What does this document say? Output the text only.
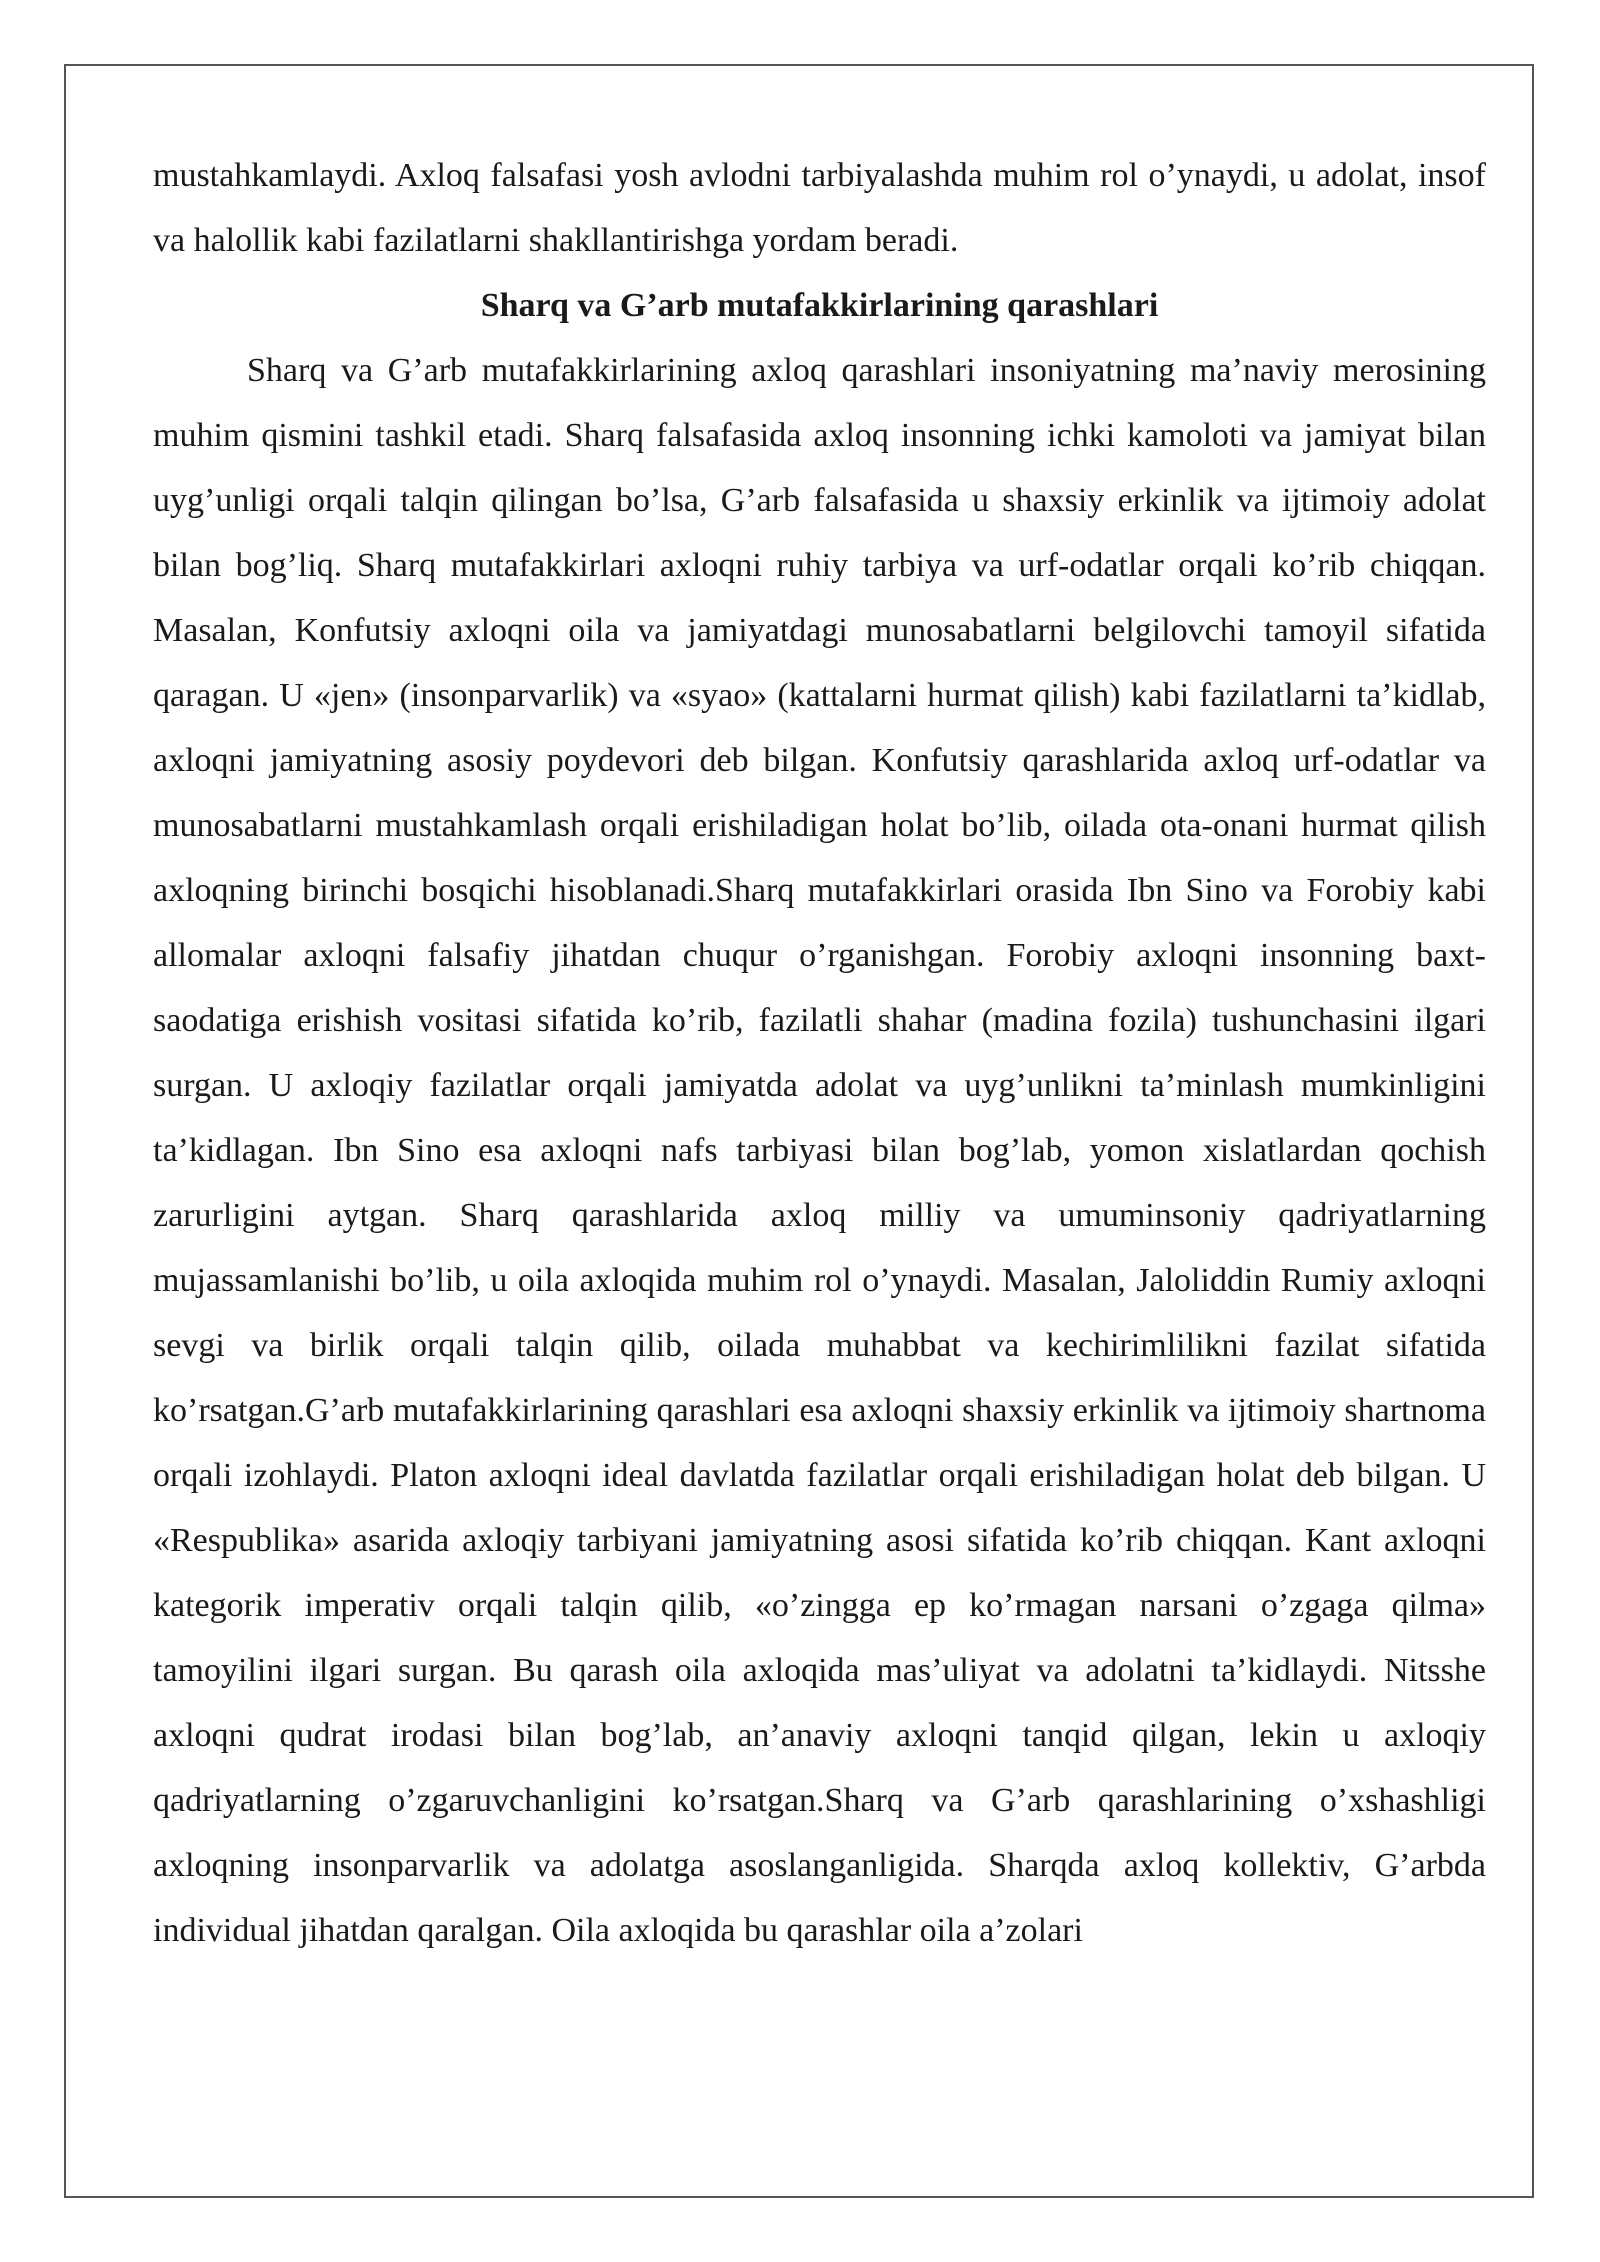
mustahkamlaydi. Axloq falsafasi yosh avlodni tarbiyalashda muhim rol o’ynaydi, u adolat, insof va halollik kabi fazilatlarni shakllantirishga yordam beradi.

Sharq va G’arb mutafakkirlarining qarashlari

Sharq va G’arb mutafakkirlarining axloq qarashlari insoniyatning ma’naviy merosining muhim qismini tashkil etadi. Sharq falsafasida axloq insonning ichki kamoloti va jamiyat bilan uyg’unligi orqali talqin qilingan bo’lsa, G’arb falsafasida u shaxsiy erkinlik va ijtimoiy adolat bilan bog’liq. Sharq mutafakkirlari axloqni ruhiy tarbiya va urf-odatlar orqali ko’rib chiqqan. Masalan, Konfutsiy axloqni oila va jamiyatdagi munosabatlarni belgilovchi tamoyil sifatida qaragan. U «jen» (insonparvarlik) va «syao» (kattalarni hurmat qilish) kabi fazilatlarni ta’kidlab, axloqni jamiyatning asosiy poydevori deb bilgan. Konfutsiy qarashlarida axloq urf-odatlar va munosabatlarni mustahkamlash orqali erishiladigan holat bo’lib, oilada ota-onani hurmat qilish axloqning birinchi bosqichi hisoblanadi.Sharq mutafakkirlari orasida Ibn Sino va Forobiy kabi allomalar axloqni falsafiy jihatdan chuqur o’rganishgan. Forobiy axloqni insonning baxt-saodatiga erishish vositasi sifatida ko’rib, fazilatli shahar (madina fozila) tushunchasini ilgari surgan. U axloqiy fazilatlar orqali jamiyatda adolat va uyg’unlikni ta’minlash mumkinligini ta’kidlagan. Ibn Sino esa axloqni nafs tarbiyasi bilan bog’lab, yomon xislatlardan qochish zarurligini aytgan. Sharq qarashlarida axloq milliy va umuminsoniy qadriyatlarning mujassamlanishi bo’lib, u oila axloqida muhim rol o’ynaydi. Masalan, Jaloliddin Rumiy axloqni sevgi va birlik orqali talqin qilib, oilada muhabbat va kechirimlilikni fazilat sifatida ko’rsatgan.G’arb mutafakkirlarining qarashlari esa axloqni shaxsiy erkinlik va ijtimoiy shartnoma orqali izohlaydi. Platon axloqni ideal davlatda fazilatlar orqali erishiladigan holat deb bilgan. U «Respublika» asarida axloqiy tarbiyani jamiyatning asosi sifatida ko’rib chiqqan. Kant axloqni kategorik imperativ orqali talqin qilib, «o’zingga ep ko’rmagan narsani o’zgaga qilma» tamoyilini ilgari surgan. Bu qarash oila axloqida mas’uliyat va adolatni ta’kidlaydi. Nitsshe axloqni qudrat irodasi bilan bog’lab, an’anaviy axloqni tanqid qilgan, lekin u axloqiy qadriyatlarning o’zgaruvchanligini ko’rsatgan.Sharq va G’arb qarashlarining o’xshashligi axloqning insonparvarlik va adolatga asoslanganligida. Sharqda axloq kollektiv, G’arbda individual jihatdan qaralgan. Oila axloqida bu qarashlar oila a’zolari
